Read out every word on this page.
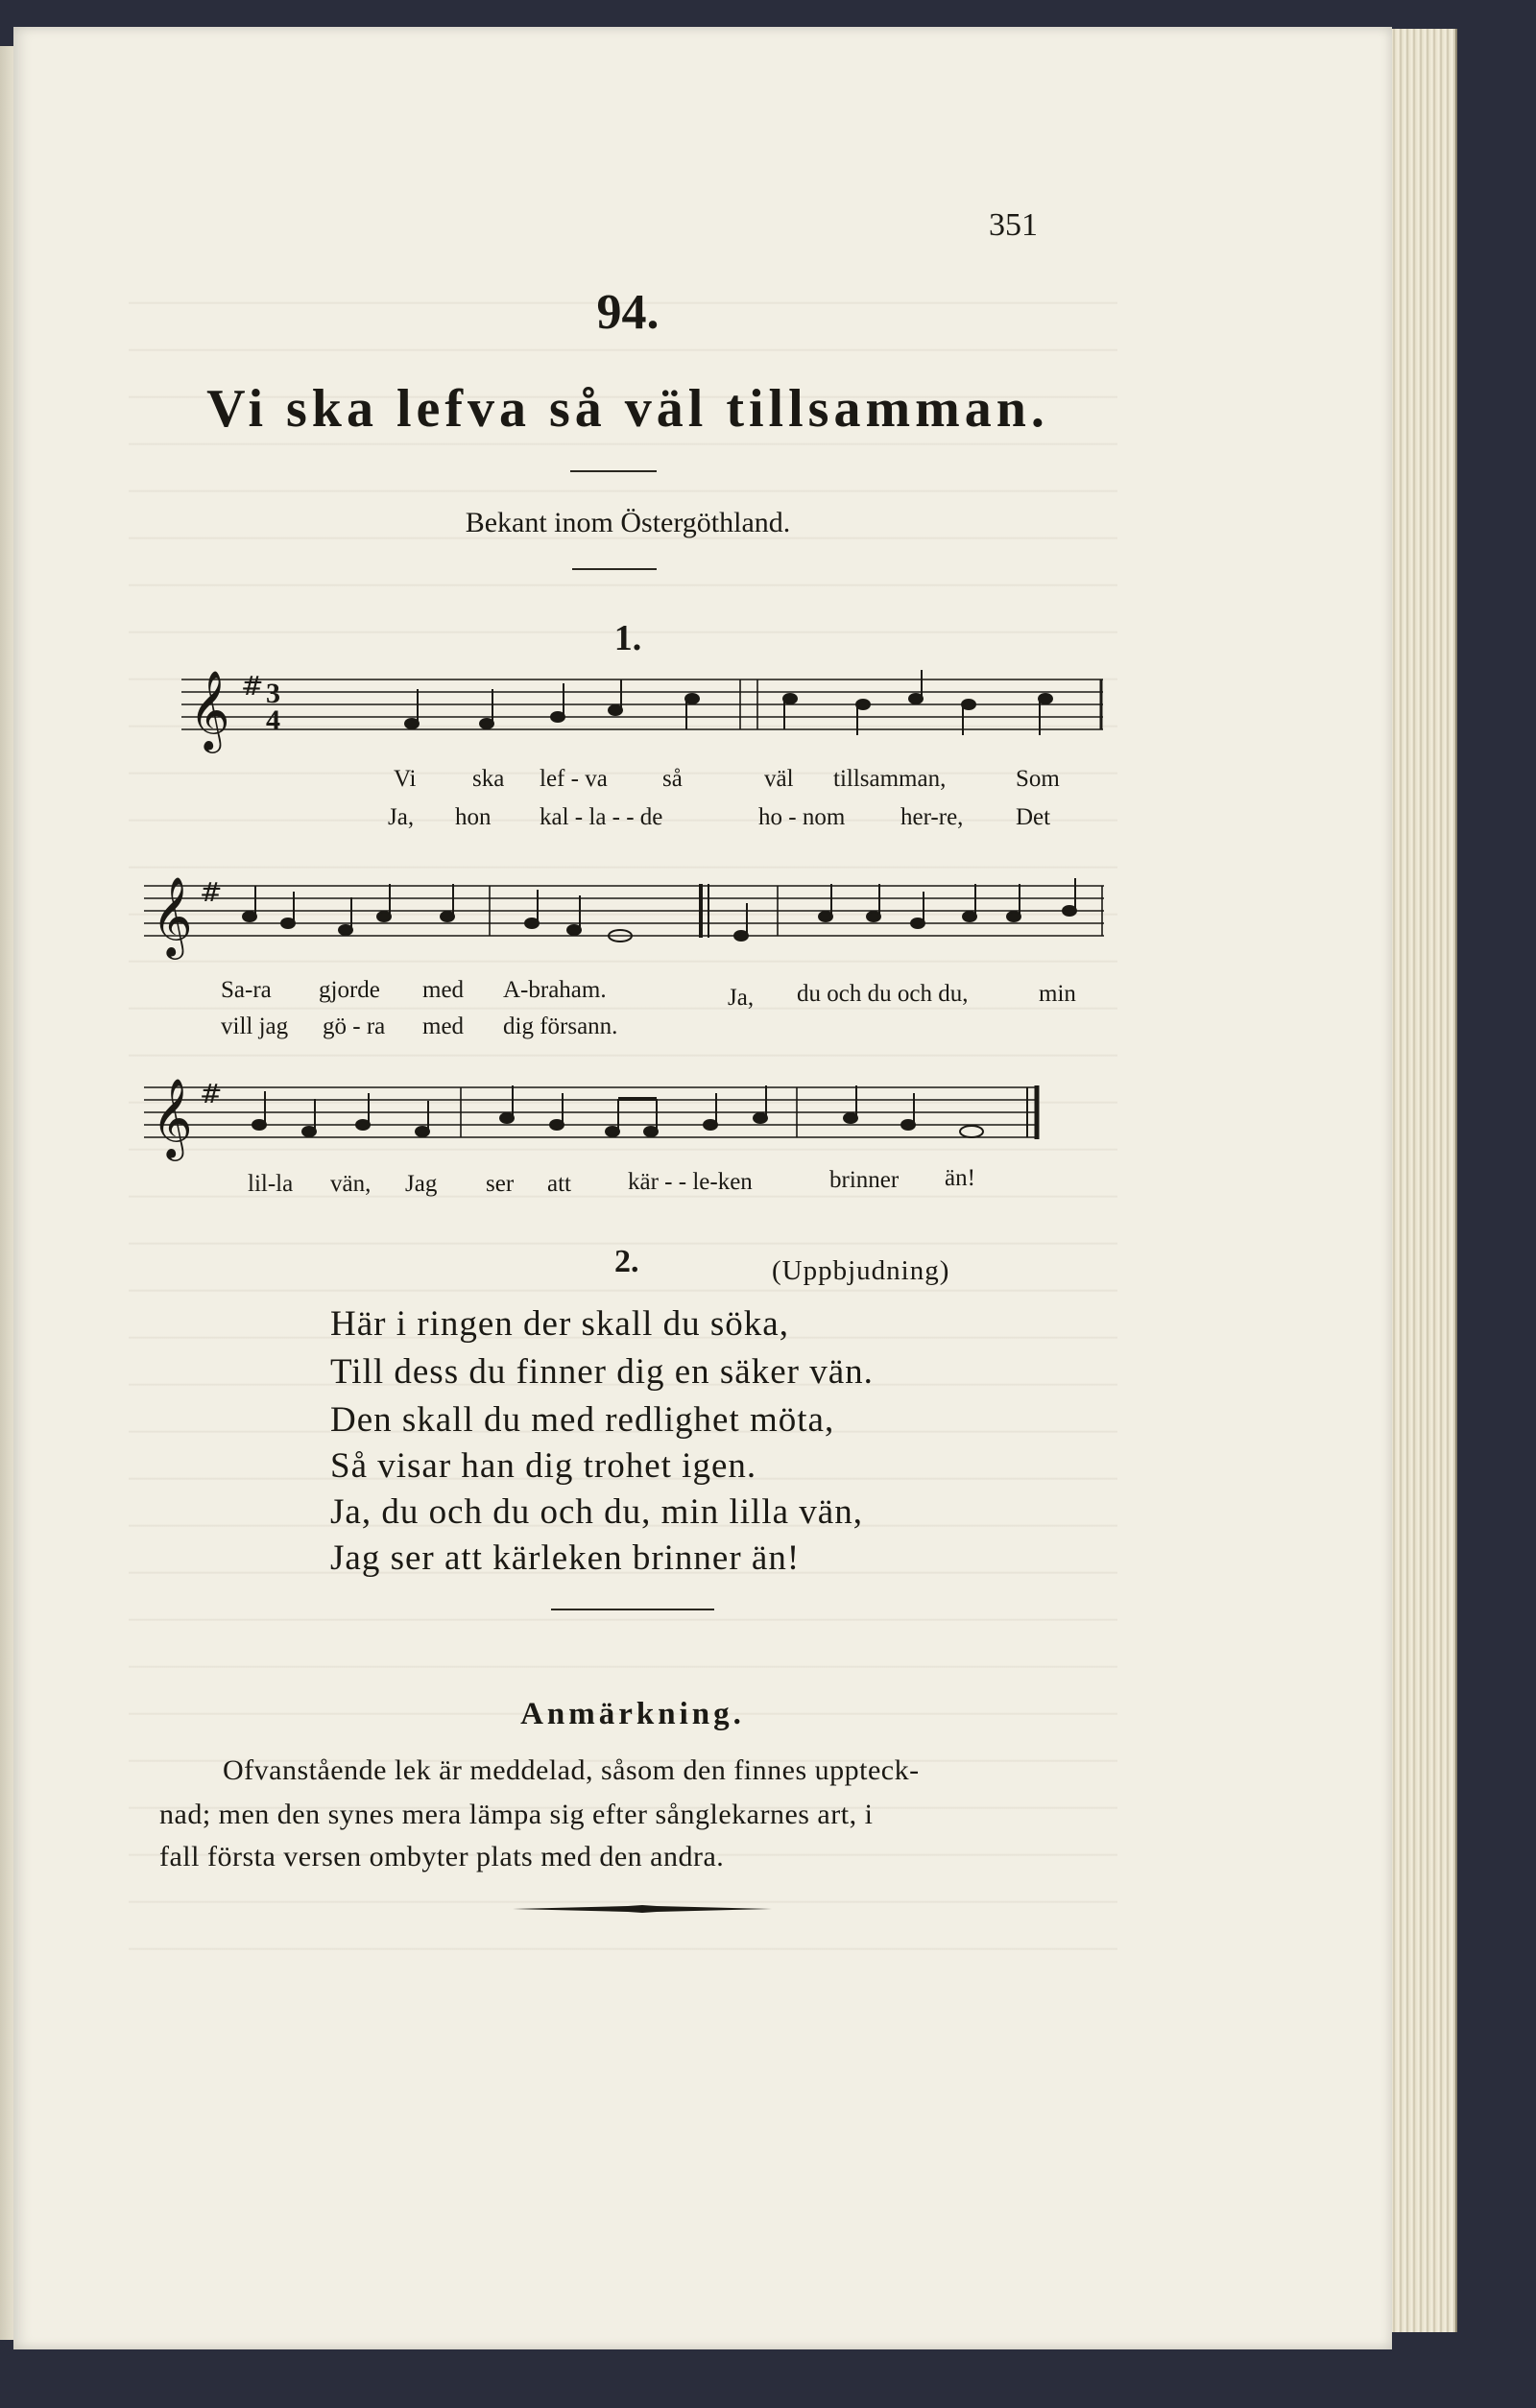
351
94.
Vi ska lefva så väl tillsamman.
Bekant inom Östergöthland.
1.
𝄞 # 3
4
Vi ska lef - va så	väl tillsamman,	Som
Ja, hon kal - la - - de	ho - nom her-re, Det
𝄞 #
Sa-ra gjorde med A-braham.	Ja, du och du och du,	min
vill jag gö - ra med dig försann.
𝄞 #
lil-la vän, Jag ser att kär - - le-ken	brinner än!
2.	(Uppbjudning)
Här i ringen der skall du söka,
Till dess du finner dig en säker vän.
Den skall du med redlighet möta,
Så visar han dig trohet igen.
Ja, du och du och du, min lilla vän,
Jag ser att kärleken brinner än!
Anmärkning.
Ofvanstående lek är meddelad, såsom den finnes uppteck-
nad; men den synes mera lämpa sig efter sånglekarnes art, i
fall första versen ombyter plats med den andra.
